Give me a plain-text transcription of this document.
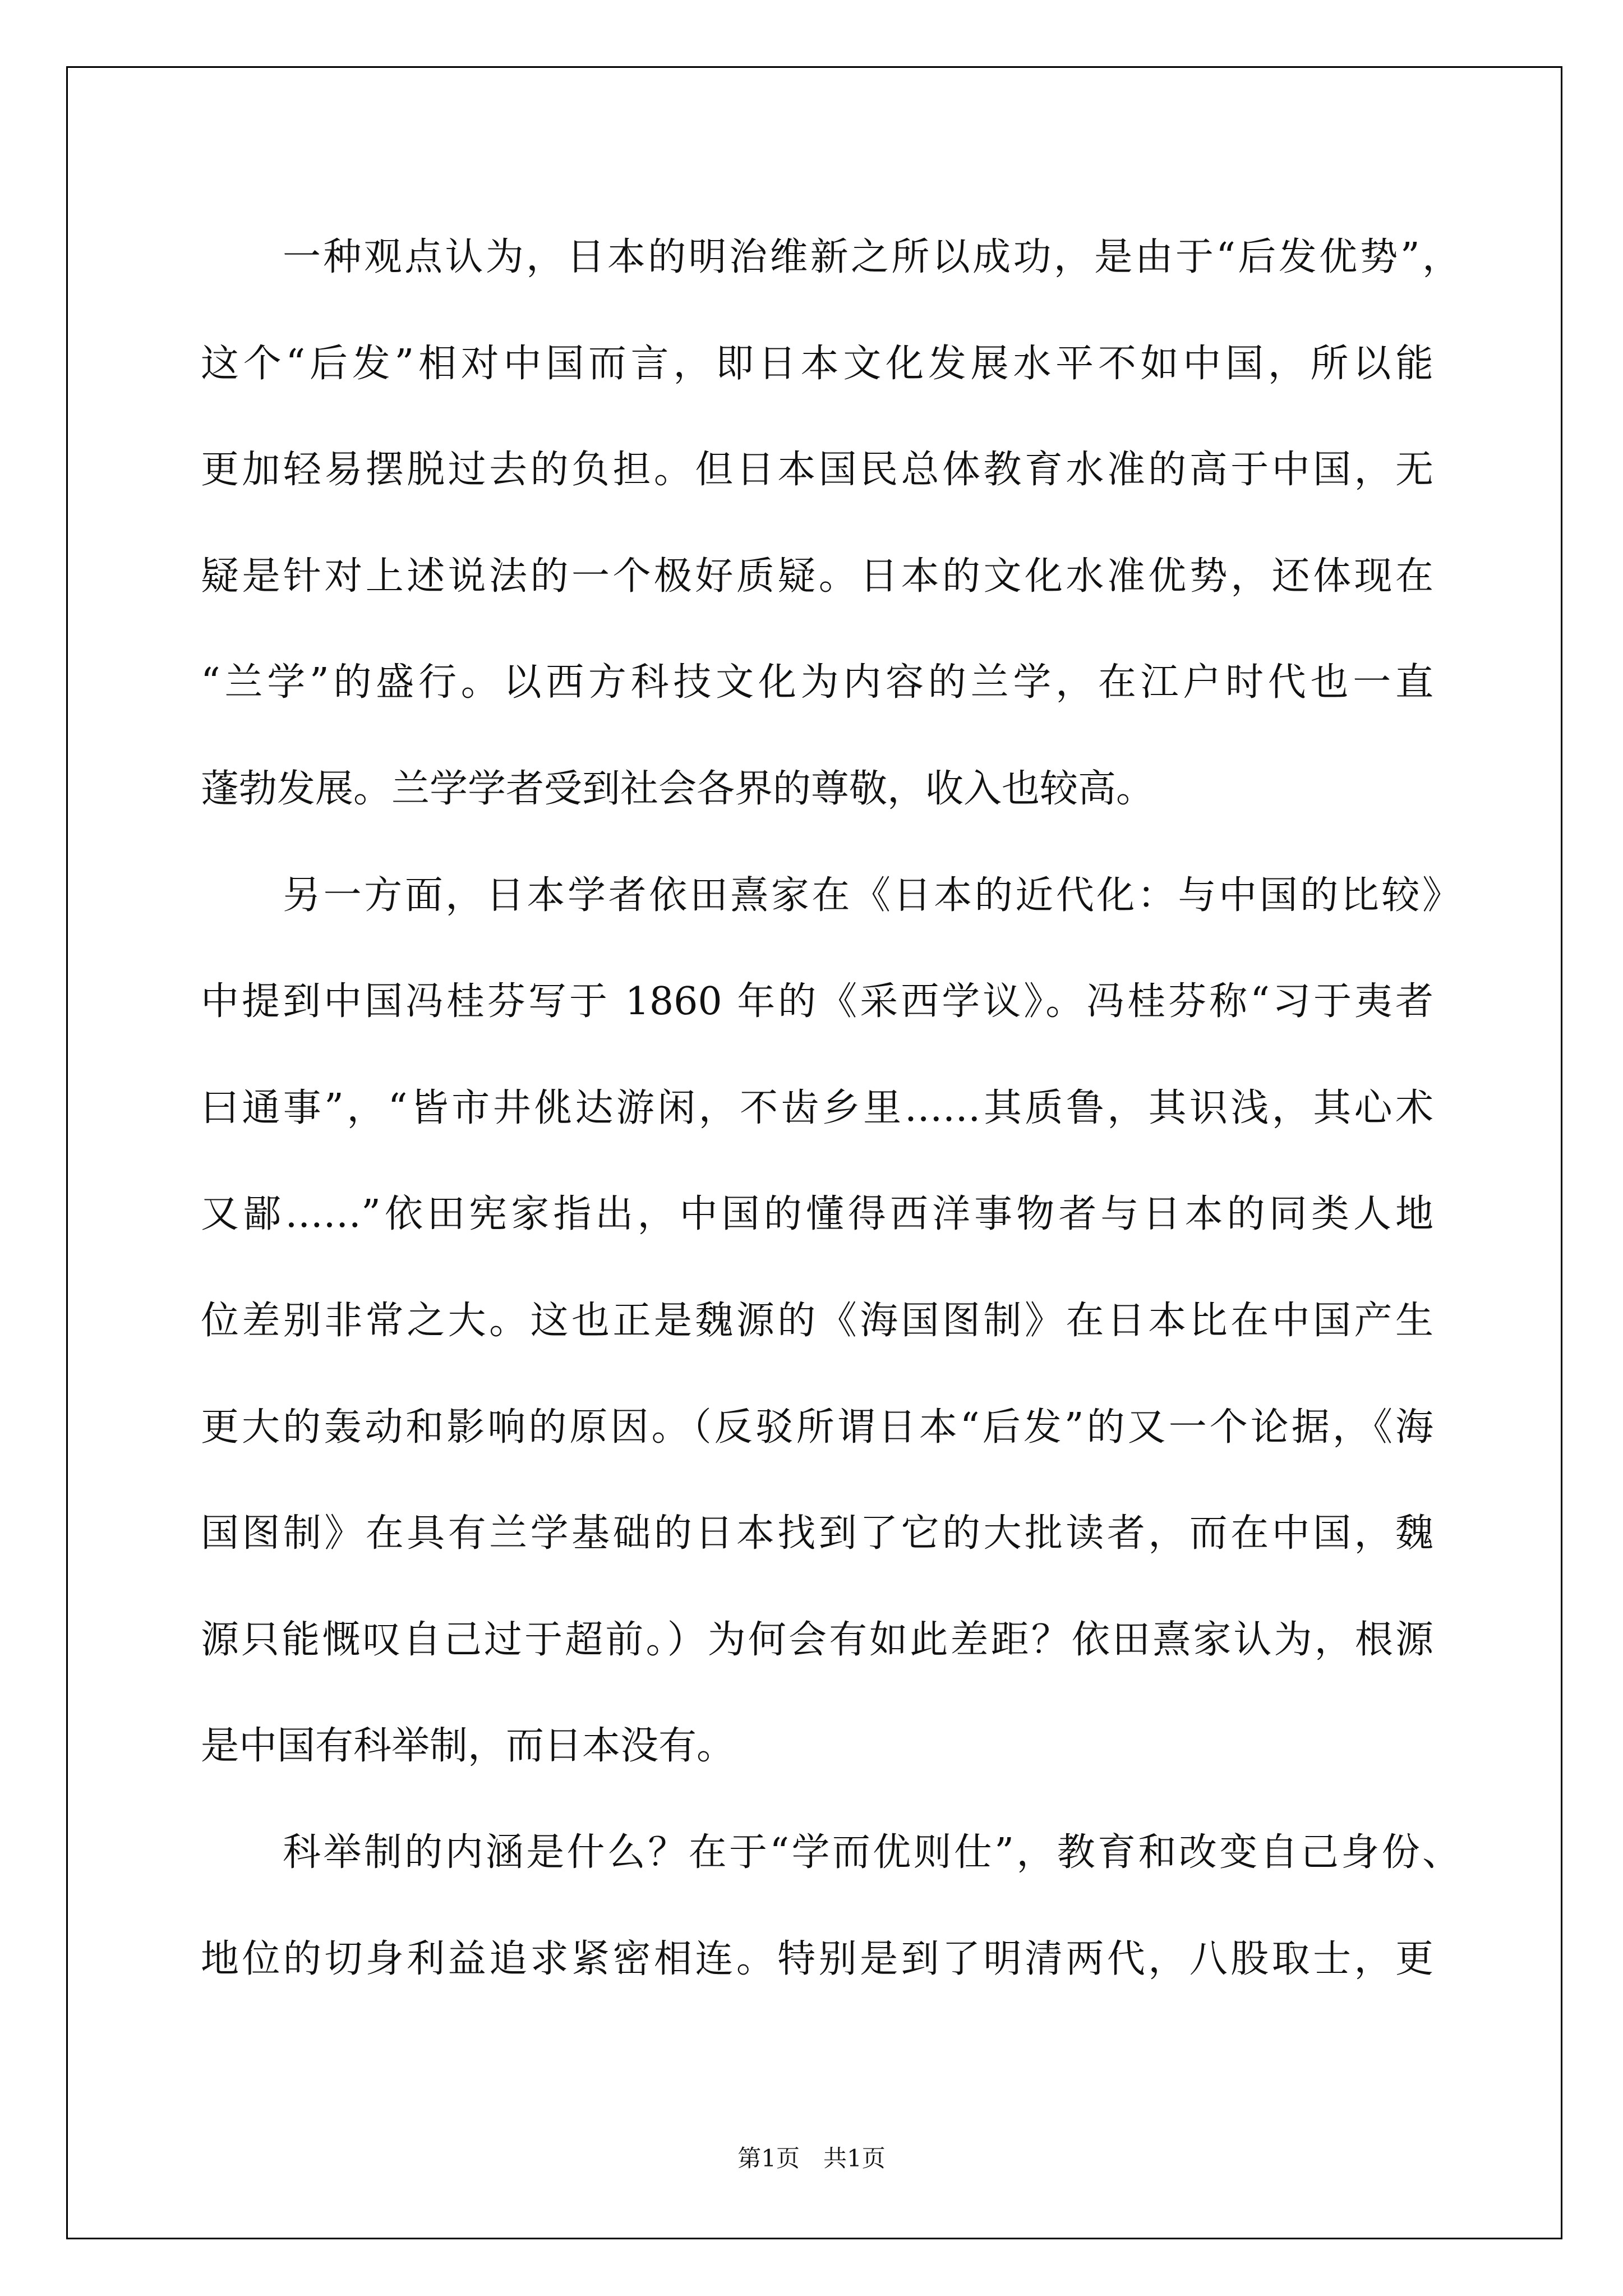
一种观点认为，日本的明治维新之所以成功，是由于“后发优势”，
这个“后发”相对中国而言，即日本文化发展水平不如中国，所以能
更加轻易摆脱过去的负担。但日本国民总体教育水准的高于中国，无
疑是针对上述说法的一个极好质疑。日本的文化水准优势，还体现在
“兰学”的盛行。以西方科技文化为内容的兰学，在江户时代也一直
蓬勃发展。兰学学者受到社会各界的尊敬，收入也较高。
另一方面，日本学者依田熹家在《日本的近代化：与中国的比较》
中提到中国冯桂芬写于 1860 年的《采西学议》。冯桂芬称“习于夷者
曰通事”，“皆市井佻达游闲，不齿乡里……其质鲁，其识浅，其心术
又鄙……”依田宪家指出，中国的懂得西洋事物者与日本的同类人地
位差别非常之大。这也正是魏源的《海国图制》在日本比在中国产生
更大的轰动和影响的原因。（反驳所谓日本“后发”的又一个论据，《海
国图制》在具有兰学基础的日本找到了它的大批读者，而在中国，魏
源只能慨叹自己过于超前。）为何会有如此差距？依田熹家认为，根源
是中国有科举制，而日本没有。
科举制的内涵是什么？在于“学而优则仕”，教育和改变自己身份、
地位的切身利益追求紧密相连。特别是到了明清两代，八股取士，更
第1页　共1页
